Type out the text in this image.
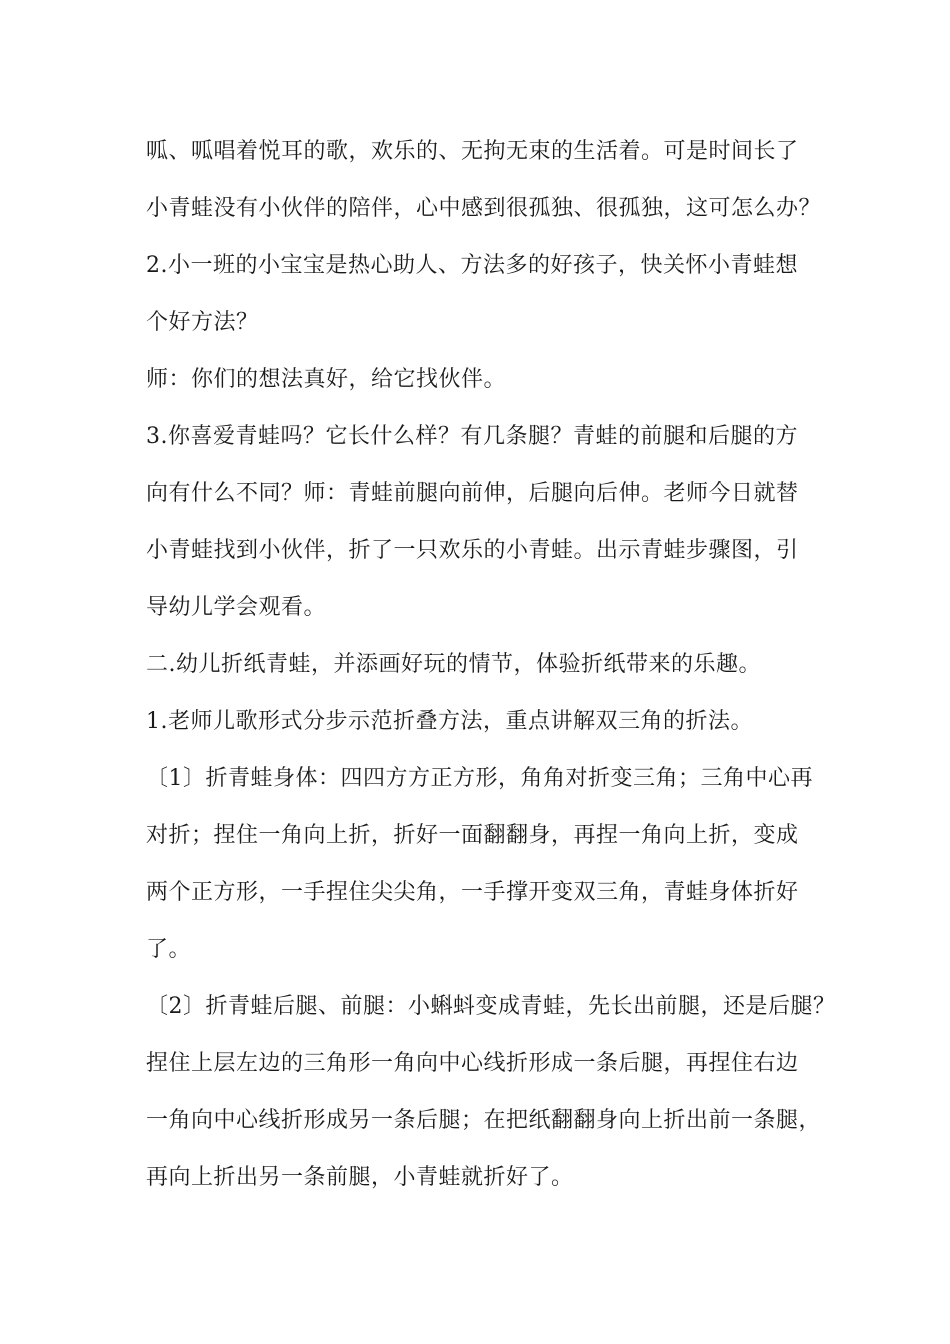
呱、呱唱着悦耳的歌，欢乐的、无拘无束的生活着。可是时间长了
小青蛙没有小伙伴的陪伴，心中感到很孤独、很孤独，这可怎么办？
2.小一班的小宝宝是热心助人、方法多的好孩子，快关怀小青蛙想
个好方法？
师：你们的想法真好，给它找伙伴。
3.你喜爱青蛙吗？它长什么样？有几条腿？青蛙的前腿和后腿的方
向有什么不同？师：青蛙前腿向前伸，后腿向后伸。老师今日就替
小青蛙找到小伙伴，折了一只欢乐的小青蛙。出示青蛙步骤图，引
导幼儿学会观看。
二.幼儿折纸青蛙，并添画好玩的情节，体验折纸带来的乐趣。
1.老师儿歌形式分步示范折叠方法，重点讲解双三角的折法。
〔1〕折青蛙身体：四四方方正方形，角角对折变三角；三角中心再
对折；捏住一角向上折，折好一面翻翻身，再捏一角向上折，变成
两个正方形，一手捏住尖尖角，一手撑开变双三角，青蛙身体折好
了。
〔2〕折青蛙后腿、前腿：小蝌蚪变成青蛙，先长出前腿，还是后腿？
捏住上层左边的三角形一角向中心线折形成一条后腿，再捏住右边
一角向中心线折形成另一条后腿；在把纸翻翻身向上折出前一条腿，
再向上折出另一条前腿，小青蛙就折好了。
